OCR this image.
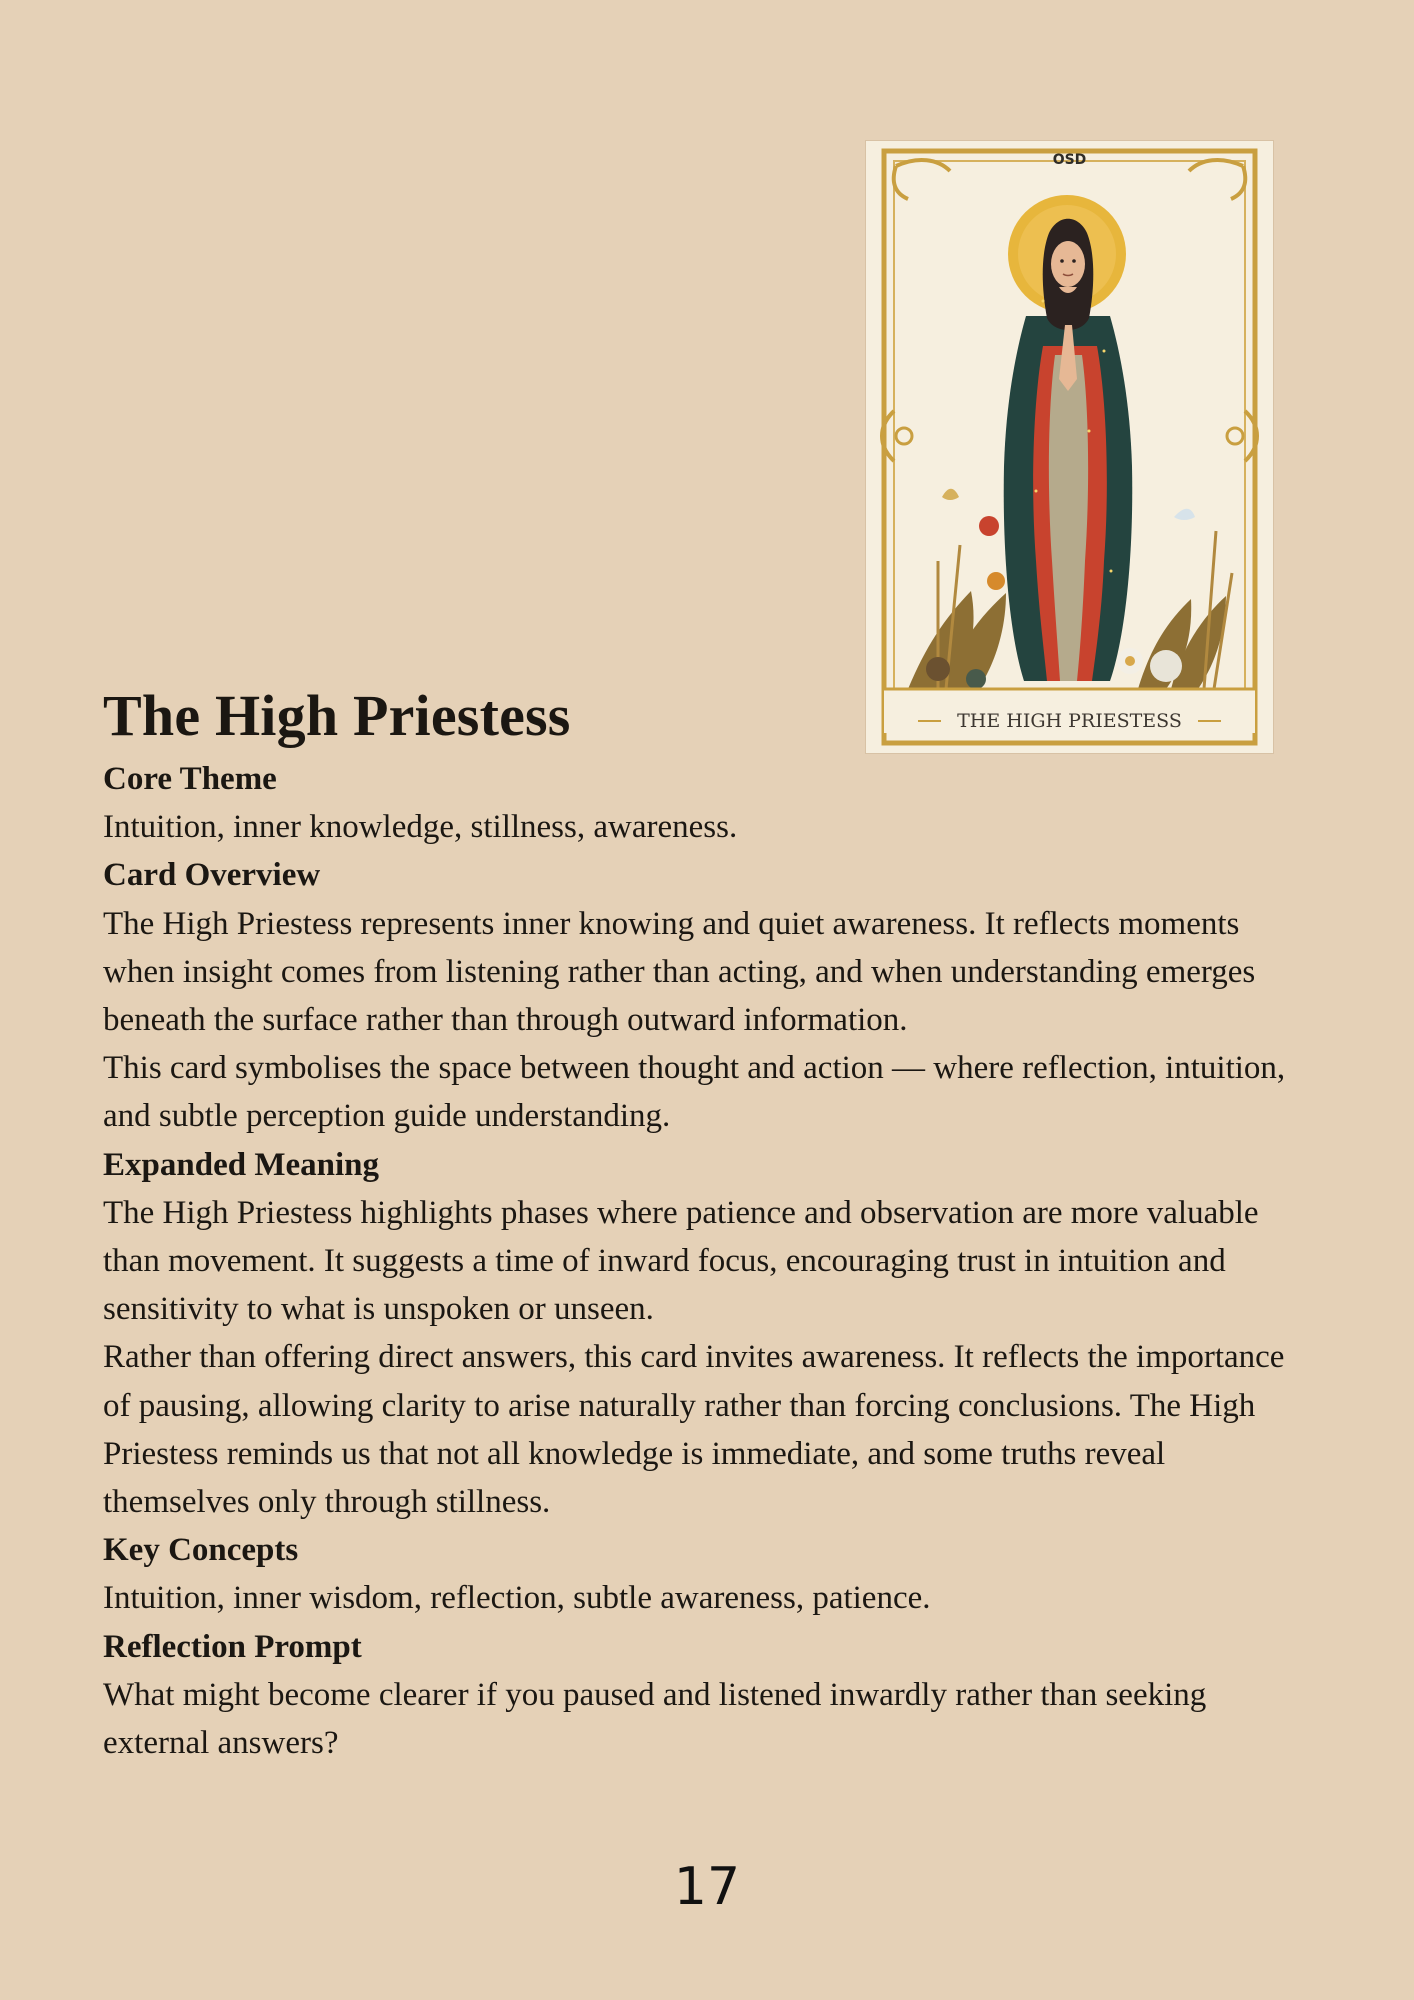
OSD
THE HIGH PRIESTESS
The High Priestess
Core Theme

Intuition, inner knowledge, stillness, awareness.

Card Overview

The High Priestess represents inner knowing and quiet awareness. It reflects moments when insight comes from listening rather than acting, and when understanding emerges beneath the surface rather than through outward information.

This card symbolises the space between thought and action — where reflection, intuition, and subtle perception guide understanding.

Expanded Meaning

The High Priestess highlights phases where patience and observation are more valuable than movement. It suggests a time of inward focus, encouraging trust in intuition and sensitivity to what is unspoken or unseen.

Rather than offering direct answers, this card invites awareness. It reflects the importance of pausing, allowing clarity to arise naturally rather than forcing conclusions. The High Priestess reminds us that not all knowledge is immediate, and some truths reveal themselves only through stillness.

Key Concepts

Intuition, inner wisdom, reflection, subtle awareness, patience.

Reflection Prompt

What might become clearer if you paused and listened inwardly rather than seeking external answers?

17
